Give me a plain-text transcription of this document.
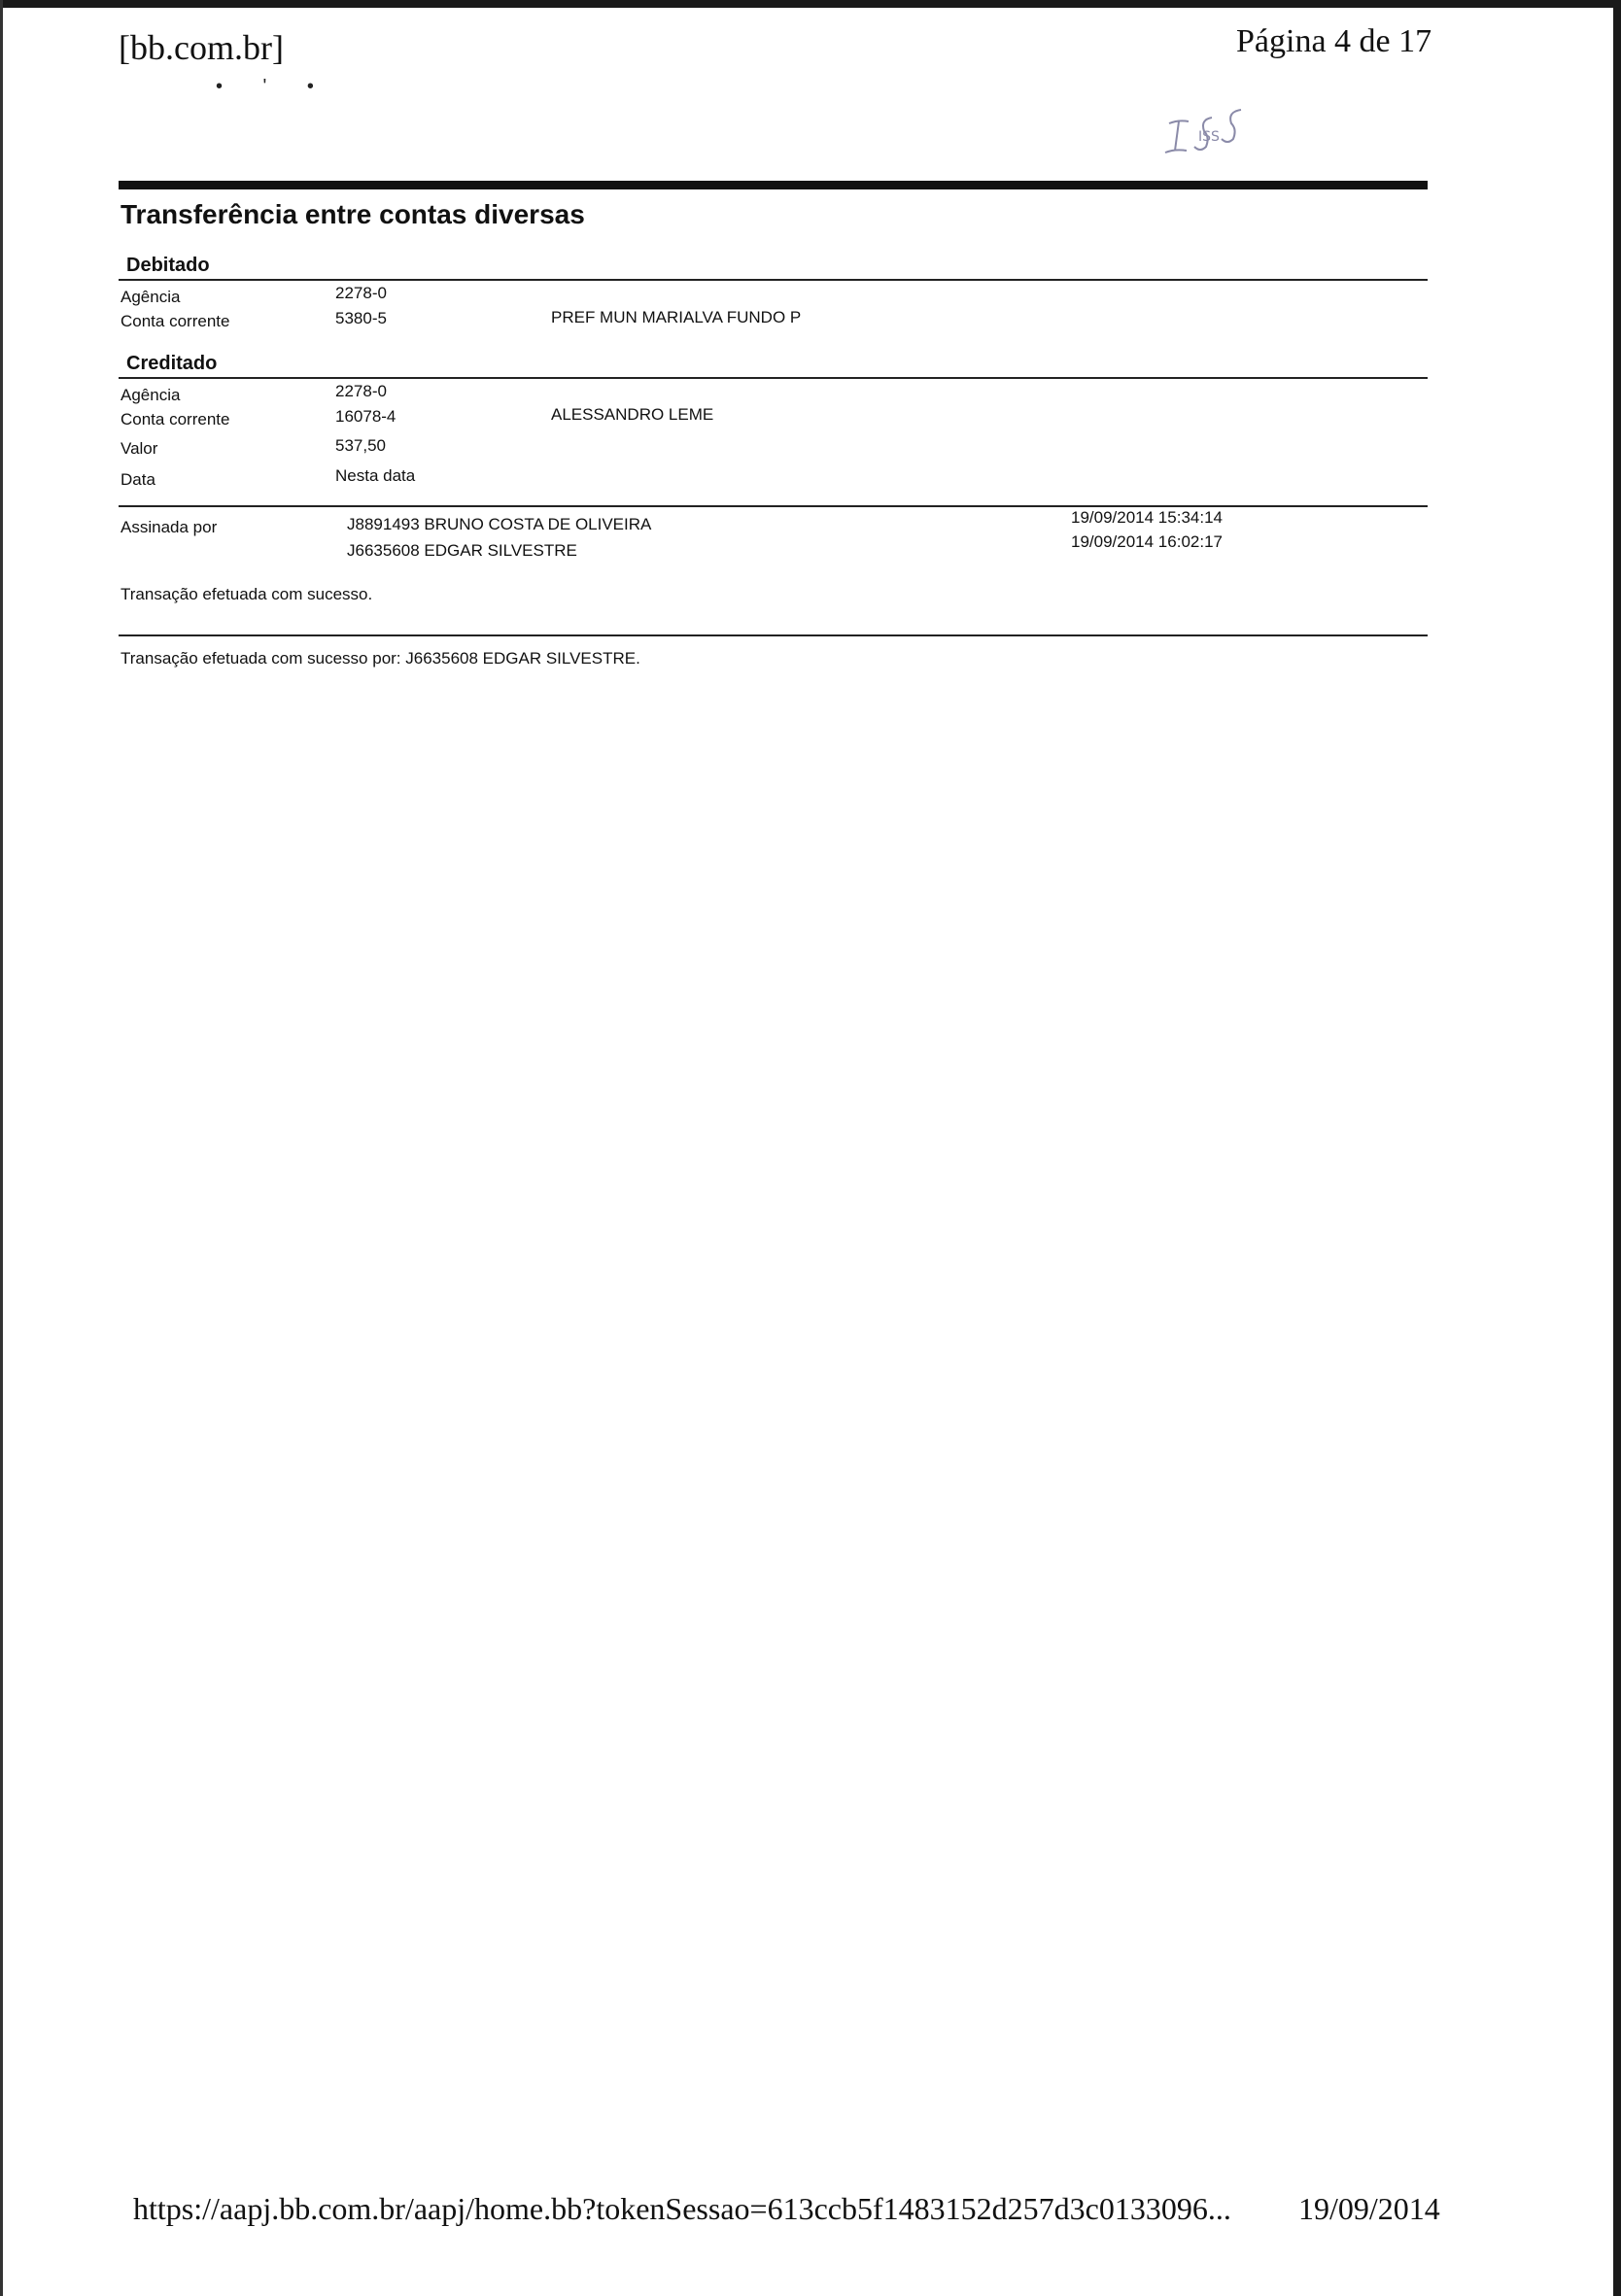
[bb.com.br]	Página 4 de 17
• ' •
ISS
Transferência entre contas diversas
Debitado
Agência	2278-0
Conta corrente	5380-5	PREF MUN MARIALVA FUNDO P
Creditado
Agência	2278-0
Conta corrente	16078-4	ALESSANDRO LEME
Valor	537,50
Data	Nesta data
Assinada por	J8891493 BRUNO COSTA DE OLIVEIRA	19/09/2014 15:34:14
J6635608 EDGAR SILVESTRE	19/09/2014 16:02:17
Transação efetuada com sucesso.
Transação efetuada com sucesso por: J6635608 EDGAR SILVESTRE.
https://aapj.bb.com.br/aapj/home.bb?tokenSessao=613ccb5f1483152d257d3c0133096... 19/09/2014
